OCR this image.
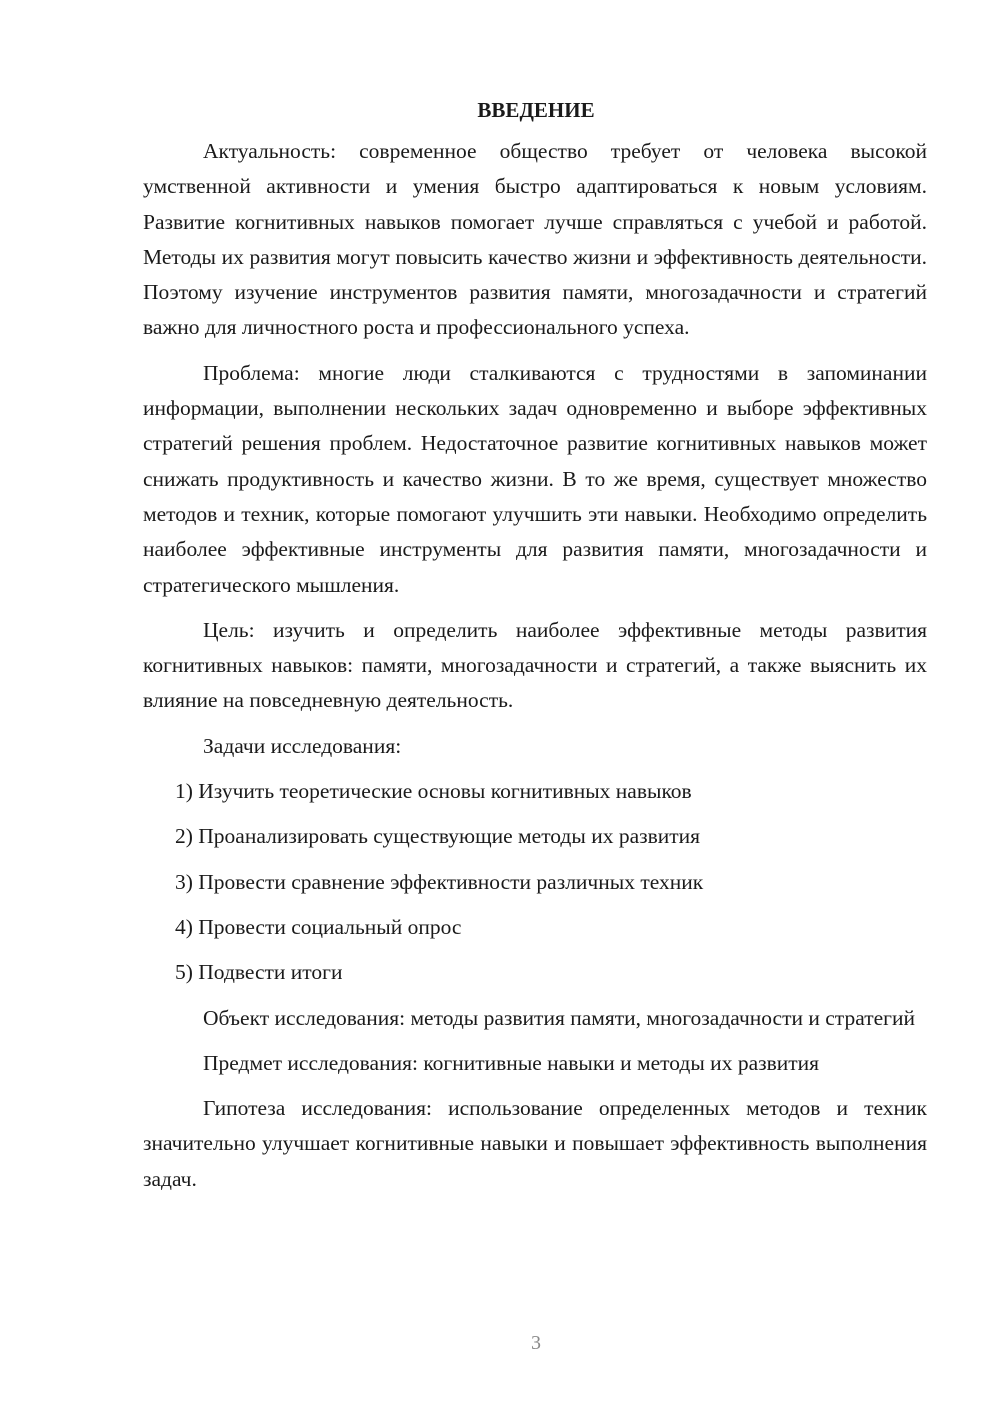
ВВЕДЕНИЕ

Актуальность: современное общество требует от человека высокой умственной активности и умения быстро адаптироваться к новым условиям. Развитие когнитивных навыков помогает лучше справляться с учебой и работой. Методы их развития могут повысить качество жизни и эффективность деятельности. Поэтому изучение инструментов развития памяти, многозадачности и стратегий важно для личностного роста и профессионального успеха.

Проблема: многие люди сталкиваются с трудностями в запоминании информации, выполнении нескольких задач одновременно и выборе эффективных стратегий решения проблем. Недостаточное развитие когнитивных навыков может снижать продуктивность и качество жизни. В то же время, существует множество методов и техник, которые помогают улучшить эти навыки. Необходимо определить наиболее эффективные инструменты для развития памяти, многозадачности и стратегического мышления.

Цель: изучить и определить наиболее эффективные методы развития когнитивных навыков: памяти, многозадачности и стратегий, а также выяснить их влияние на повседневную деятельность.

Задачи исследования:

1) Изучить теоретические основы когнитивных навыков
2) Проанализировать существующие методы их развития
3) Провести сравнение эффективности различных техник
4) Провести социальный опрос
5) Подвести итоги

Объект исследования: методы развития памяти, многозадачности и стратегий

Предмет исследования: когнитивные навыки и методы их развития

Гипотеза исследования: использование определенных методов и техник значительно улучшает когнитивные навыки и повышает эффективность выполнения задач.

3
